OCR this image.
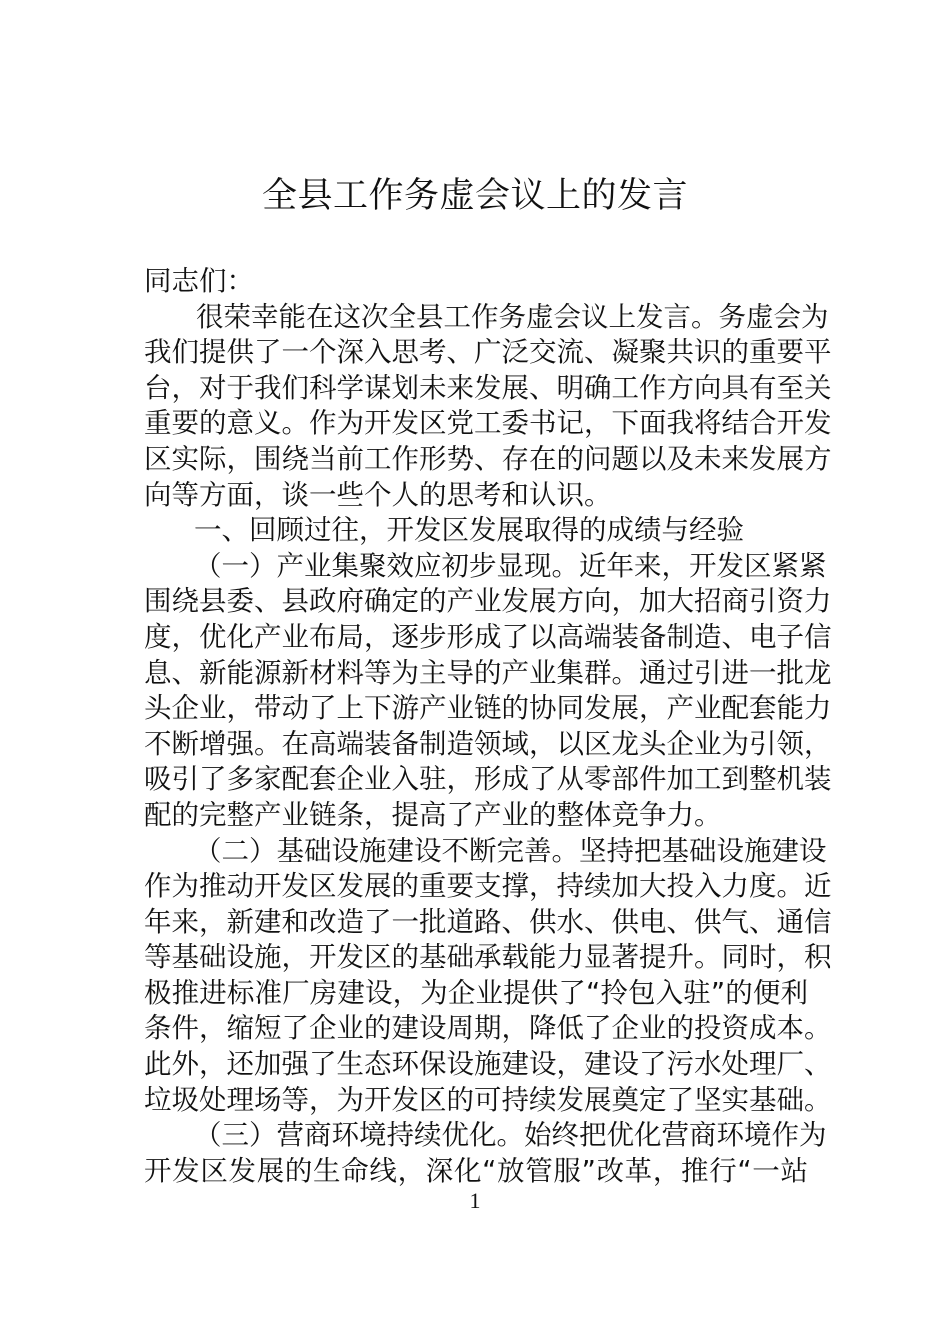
全县工作务虚会议上的发言
同志们：
很荣幸能在这次全县工作务虚会议上发言。务虚会为
我们提供了一个深入思考、广泛交流、凝聚共识的重要平
台，对于我们科学谋划未来发展、明确工作方向具有至关
重要的意义。作为开发区党工委书记，下面我将结合开发
区实际，围绕当前工作形势、存在的问题以及未来发展方
向等方面，谈一些个人的思考和认识。
一、回顾过往，开发区发展取得的成绩与经验
（一）产业集聚效应初步显现。近年来，开发区紧紧
围绕县委、县政府确定的产业发展方向，加大招商引资力
度，优化产业布局，逐步形成了以高端装备制造、电子信
息、新能源新材料等为主导的产业集群。通过引进一批龙
头企业，带动了上下游产业链的协同发展，产业配套能力
不断增强。在高端装备制造领域，以区龙头企业为引领，
吸引了多家配套企业入驻，形成了从零部件加工到整机装
配的完整产业链条，提高了产业的整体竞争力。
（二）基础设施建设不断完善。坚持把基础设施建设
作为推动开发区发展的重要支撑，持续加大投入力度。近
年来，新建和改造了一批道路、供水、供电、供气、通信
等基础设施，开发区的基础承载能力显著提升。同时，积
极推进标准厂房建设，为企业提供了“拎包入驻”的便利
条件，缩短了企业的建设周期，降低了企业的投资成本。
此外，还加强了生态环保设施建设，建设了污水处理厂、
垃圾处理场等，为开发区的可持续发展奠定了坚实基础。
（三）营商环境持续优化。始终把优化营商环境作为
开发区发展的生命线，深化“放管服”改革，推行“一站
1
